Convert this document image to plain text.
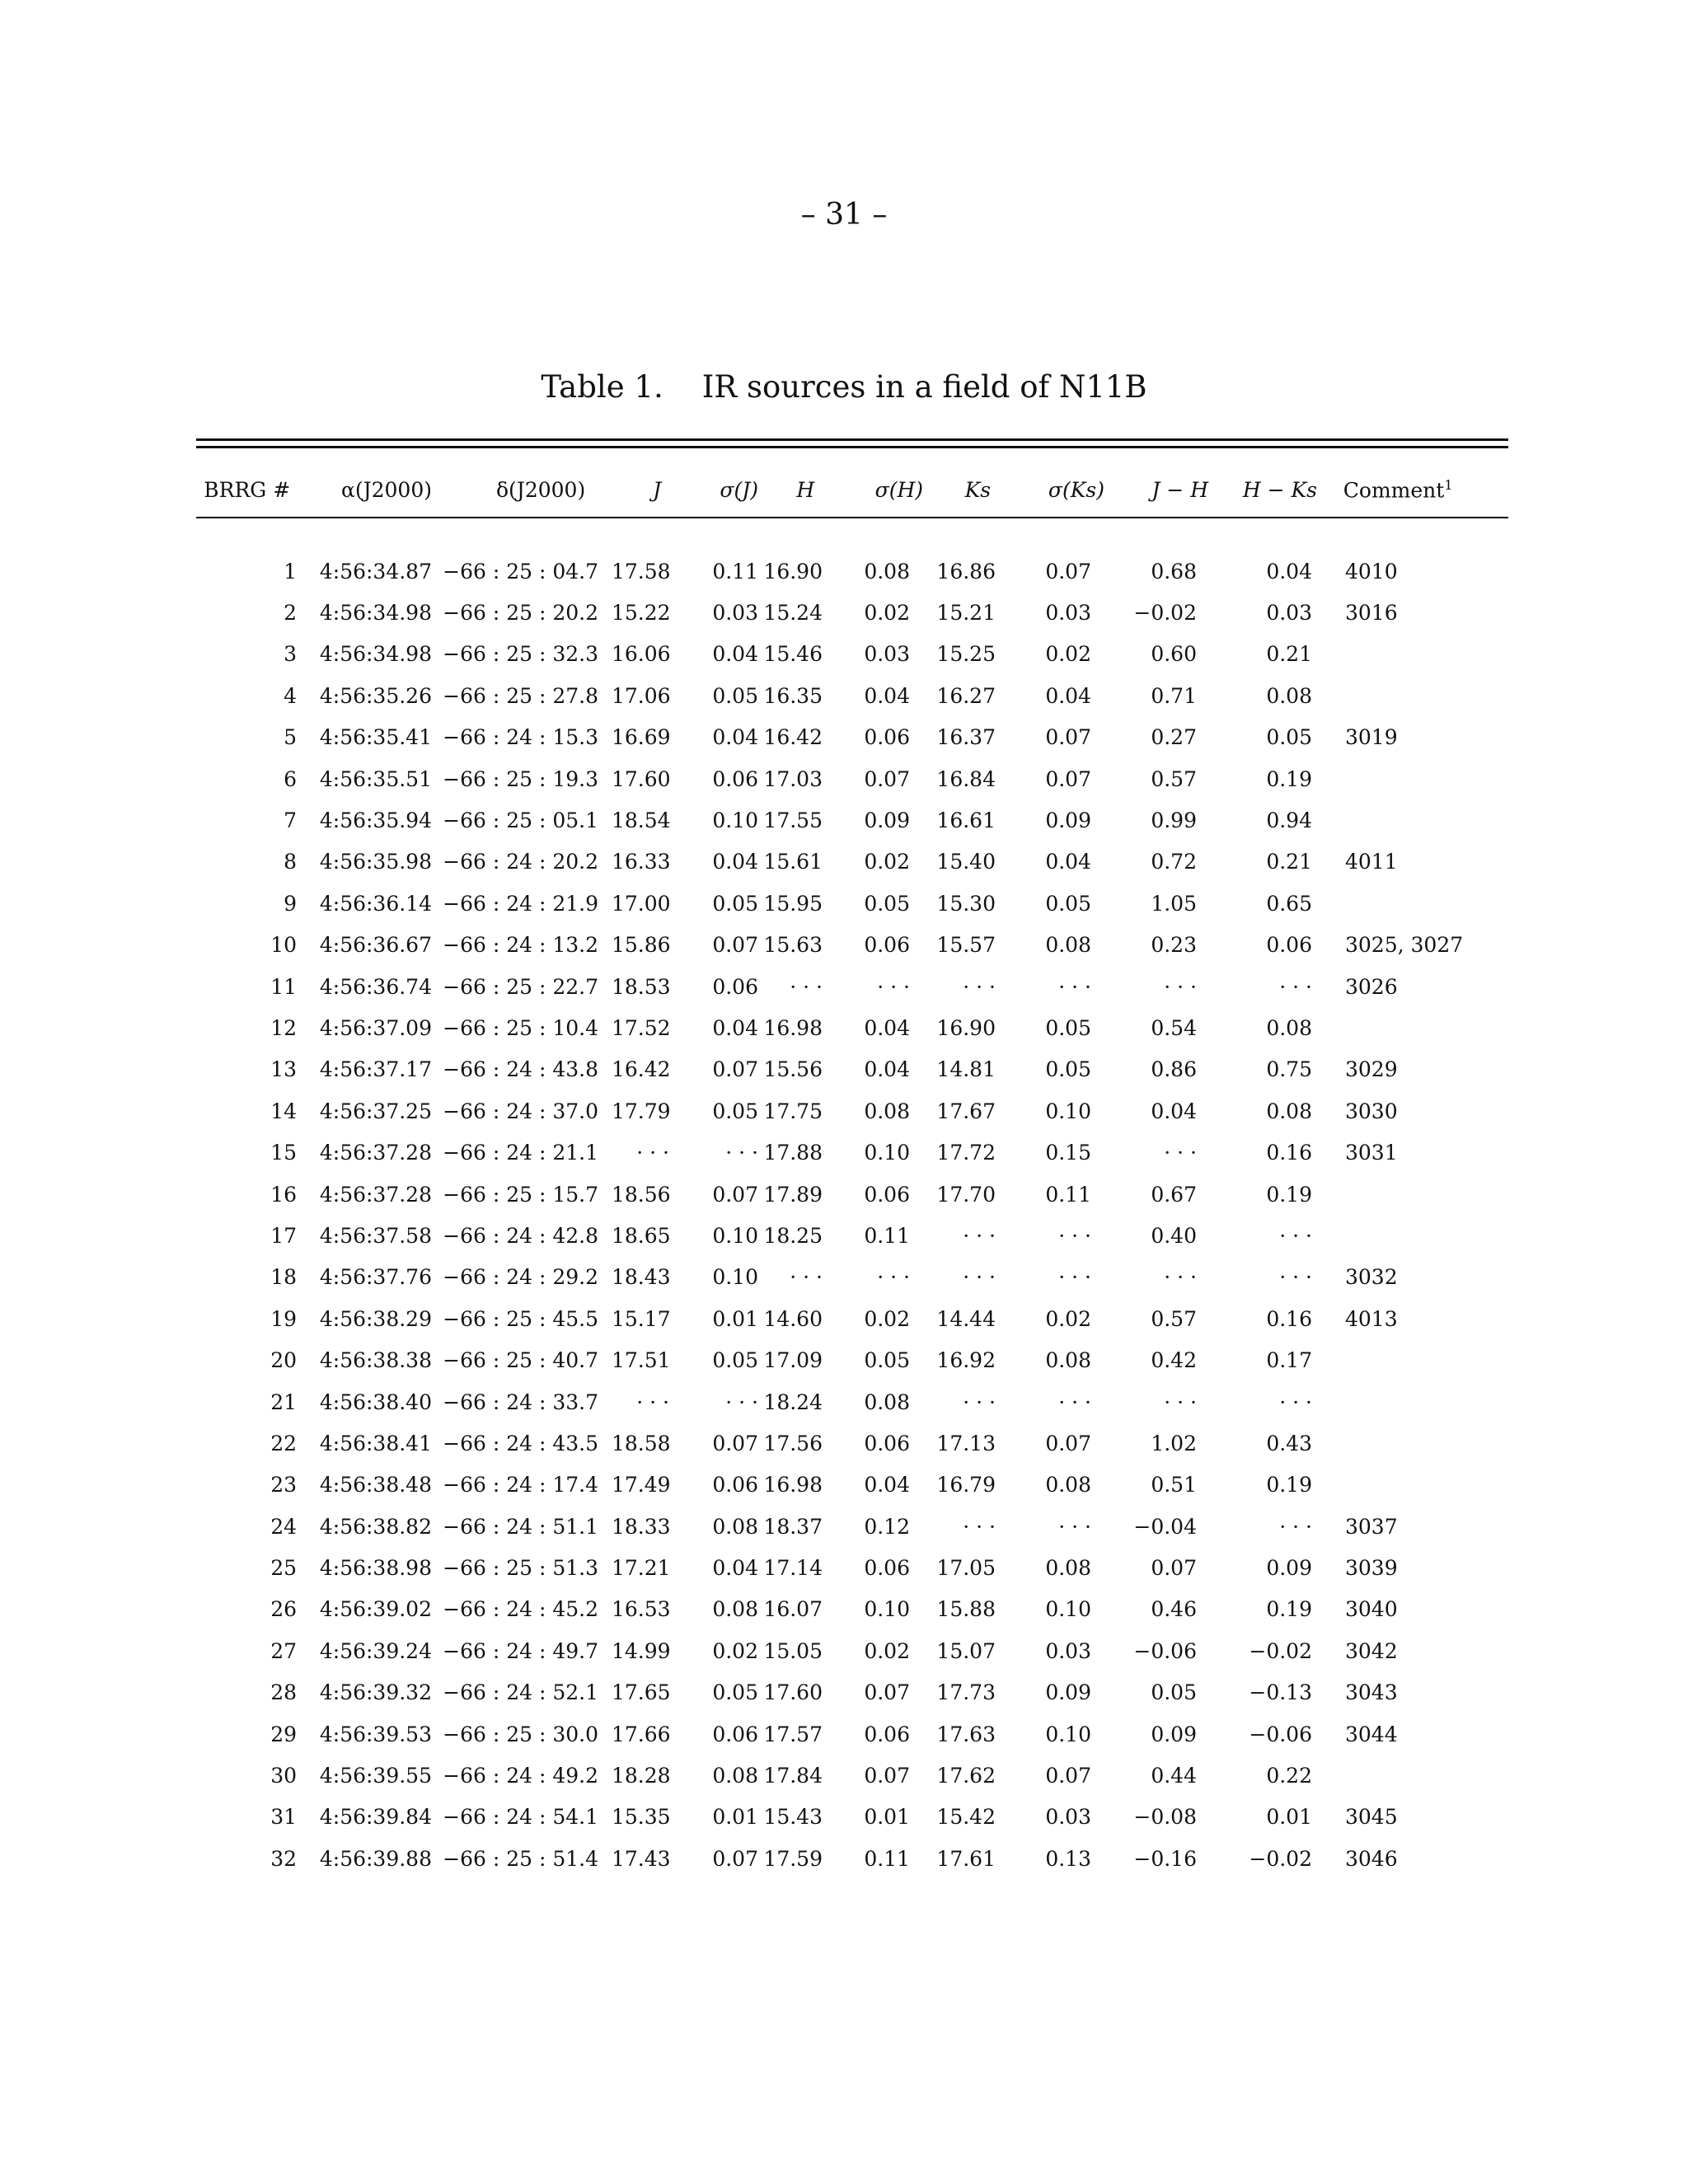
– 31 –
Table 1.    IR sources in a field of N11B
BRRG #	α(J2000)	δ(J2000)	J	σ(J)	H	σ(H)	Ks	σ(Ks)	J − H	H − Ks	Comment$^1$
1	4:56:34.87	−66 : 25 : 04.7	17.58	0.11	16.90	0.08	16.86	0.07	0.68	0.04	4010
2	4:56:34.98	−66 : 25 : 20.2	15.22	0.03	15.24	0.02	15.21	0.03	−0.02	0.03	3016
3	4:56:34.98	−66 : 25 : 32.3	16.06	0.04	15.46	0.03	15.25	0.02	0.60	0.21	
4	4:56:35.26	−66 : 25 : 27.8	17.06	0.05	16.35	0.04	16.27	0.04	0.71	0.08	
5	4:56:35.41	−66 : 24 : 15.3	16.69	0.04	16.42	0.06	16.37	0.07	0.27	0.05	3019
6	4:56:35.51	−66 : 25 : 19.3	17.60	0.06	17.03	0.07	16.84	0.07	0.57	0.19	
7	4:56:35.94	−66 : 25 : 05.1	18.54	0.10	17.55	0.09	16.61	0.09	0.99	0.94	
8	4:56:35.98	−66 : 24 : 20.2	16.33	0.04	15.61	0.02	15.40	0.04	0.72	0.21	4011
9	4:56:36.14	−66 : 24 : 21.9	17.00	0.05	15.95	0.05	15.30	0.05	1.05	0.65	
10	4:56:36.67	−66 : 24 : 13.2	15.86	0.07	15.63	0.06	15.57	0.08	0.23	0.06	3025, 3027
11	4:56:36.74	−66 : 25 : 22.7	18.53	0.06	· · ·	· · ·	· · ·	· · ·	· · ·	· · ·	3026
12	4:56:37.09	−66 : 25 : 10.4	17.52	0.04	16.98	0.04	16.90	0.05	0.54	0.08	
13	4:56:37.17	−66 : 24 : 43.8	16.42	0.07	15.56	0.04	14.81	0.05	0.86	0.75	3029
14	4:56:37.25	−66 : 24 : 37.0	17.79	0.05	17.75	0.08	17.67	0.10	0.04	0.08	3030
15	4:56:37.28	−66 : 24 : 21.1	· · ·	· · ·	17.88	0.10	17.72	0.15	· · ·	0.16	3031
16	4:56:37.28	−66 : 25 : 15.7	18.56	0.07	17.89	0.06	17.70	0.11	0.67	0.19	
17	4:56:37.58	−66 : 24 : 42.8	18.65	0.10	18.25	0.11	· · ·	· · ·	0.40	· · ·	
18	4:56:37.76	−66 : 24 : 29.2	18.43	0.10	· · ·	· · ·	· · ·	· · ·	· · ·	· · ·	3032
19	4:56:38.29	−66 : 25 : 45.5	15.17	0.01	14.60	0.02	14.44	0.02	0.57	0.16	4013
20	4:56:38.38	−66 : 25 : 40.7	17.51	0.05	17.09	0.05	16.92	0.08	0.42	0.17	
21	4:56:38.40	−66 : 24 : 33.7	· · ·	· · ·	18.24	0.08	· · ·	· · ·	· · ·	· · ·	
22	4:56:38.41	−66 : 24 : 43.5	18.58	0.07	17.56	0.06	17.13	0.07	1.02	0.43	
23	4:56:38.48	−66 : 24 : 17.4	17.49	0.06	16.98	0.04	16.79	0.08	0.51	0.19	
24	4:56:38.82	−66 : 24 : 51.1	18.33	0.08	18.37	0.12	· · ·	· · ·	−0.04	· · ·	3037
25	4:56:38.98	−66 : 25 : 51.3	17.21	0.04	17.14	0.06	17.05	0.08	0.07	0.09	3039
26	4:56:39.02	−66 : 24 : 45.2	16.53	0.08	16.07	0.10	15.88	0.10	0.46	0.19	3040
27	4:56:39.24	−66 : 24 : 49.7	14.99	0.02	15.05	0.02	15.07	0.03	−0.06	−0.02	3042
28	4:56:39.32	−66 : 24 : 52.1	17.65	0.05	17.60	0.07	17.73	0.09	0.05	−0.13	3043
29	4:56:39.53	−66 : 25 : 30.0	17.66	0.06	17.57	0.06	17.63	0.10	0.09	−0.06	3044
30	4:56:39.55	−66 : 24 : 49.2	18.28	0.08	17.84	0.07	17.62	0.07	0.44	0.22	
31	4:56:39.84	−66 : 24 : 54.1	15.35	0.01	15.43	0.01	15.42	0.03	−0.08	0.01	3045
32	4:56:39.88	−66 : 25 : 51.4	17.43	0.07	17.59	0.11	17.61	0.13	−0.16	−0.02	3046
